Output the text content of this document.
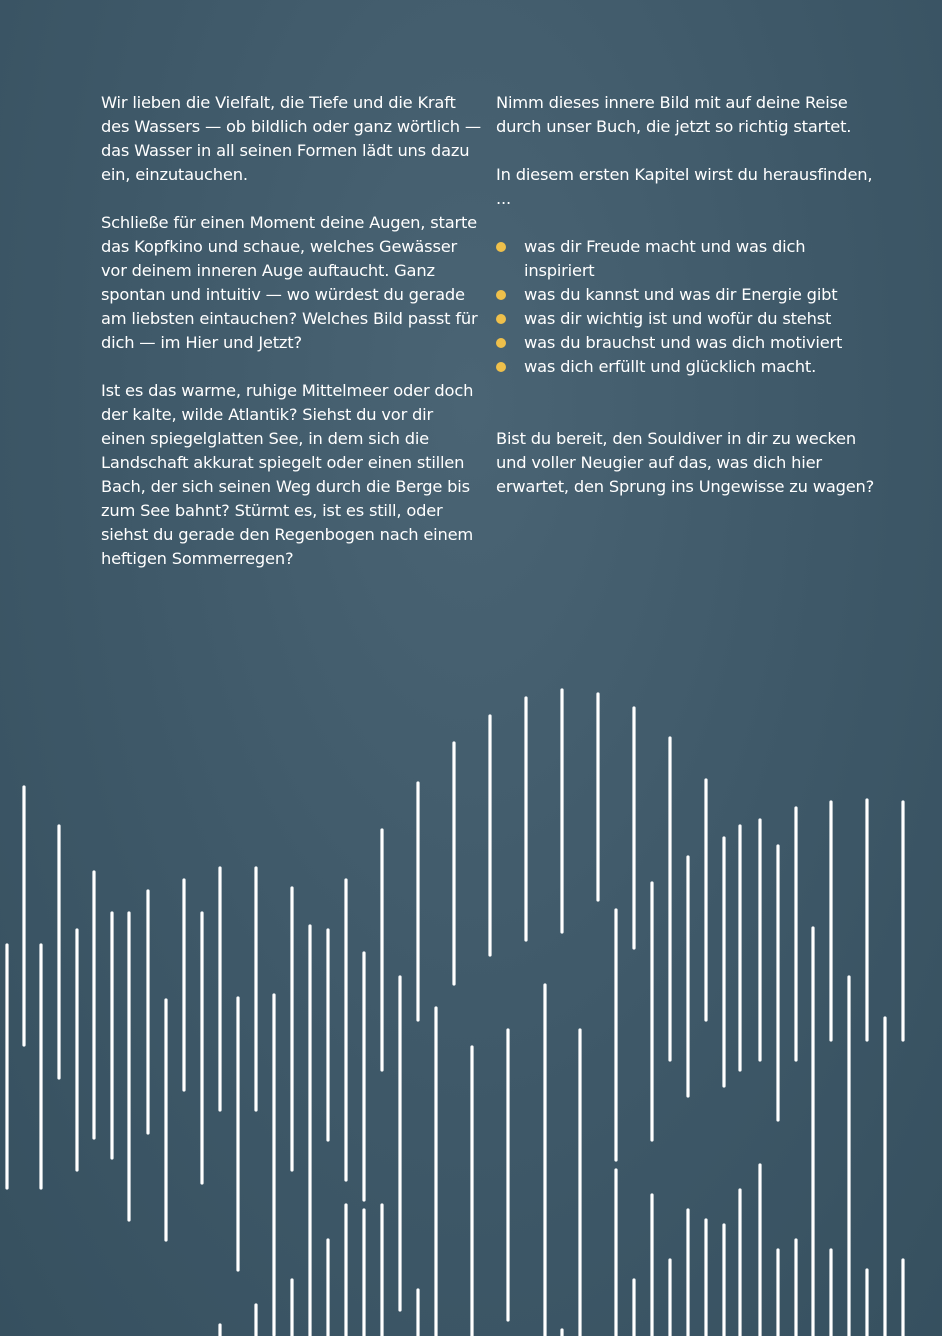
Wir lieben die Vielfalt, die Tiefe und die Kraft des Wassers — ob bildlich oder ganz wörtlich — das Wasser in all seinen Formen lädt uns dazu ein, einzutauchen.

Schließe für einen Moment deine Augen, starte das Kopfkino und schaue, welches Gewässer vor deinem inneren Auge auftaucht. Ganz spontan und intuitiv — wo würdest du gerade am liebsten eintauchen? Welches Bild passt für dich — im Hier und Jetzt?

Ist es das warme, ruhige Mittelmeer oder doch der kalte, wilde Atlantik? Siehst du vor dir einen spiegelglatten See, in dem sich die Landschaft akkurat spiegelt oder einen stillen Bach, der sich seinen Weg durch die Berge bis zum See bahnt? Stürmt es, ist es still, oder siehst du gerade den Regenbogen nach einem heftigen Sommerregen?

Nimm dieses innere Bild mit auf deine Reise durch unser Buch, die jetzt so richtig startet.

In diesem ersten Kapitel wirst du herausfinden, ...

was dir Freude macht und was dich inspiriert
was du kannst und was dir Energie gibt
was dir wichtig ist und wofür du stehst
was du brauchst und was dich motiviert
was dich erfüllt und glücklich macht.

Bist du bereit, den Souldiver in dir zu wecken und voller Neugier auf das, was dich hier erwartet, den Sprung ins Ungewisse zu wagen?
